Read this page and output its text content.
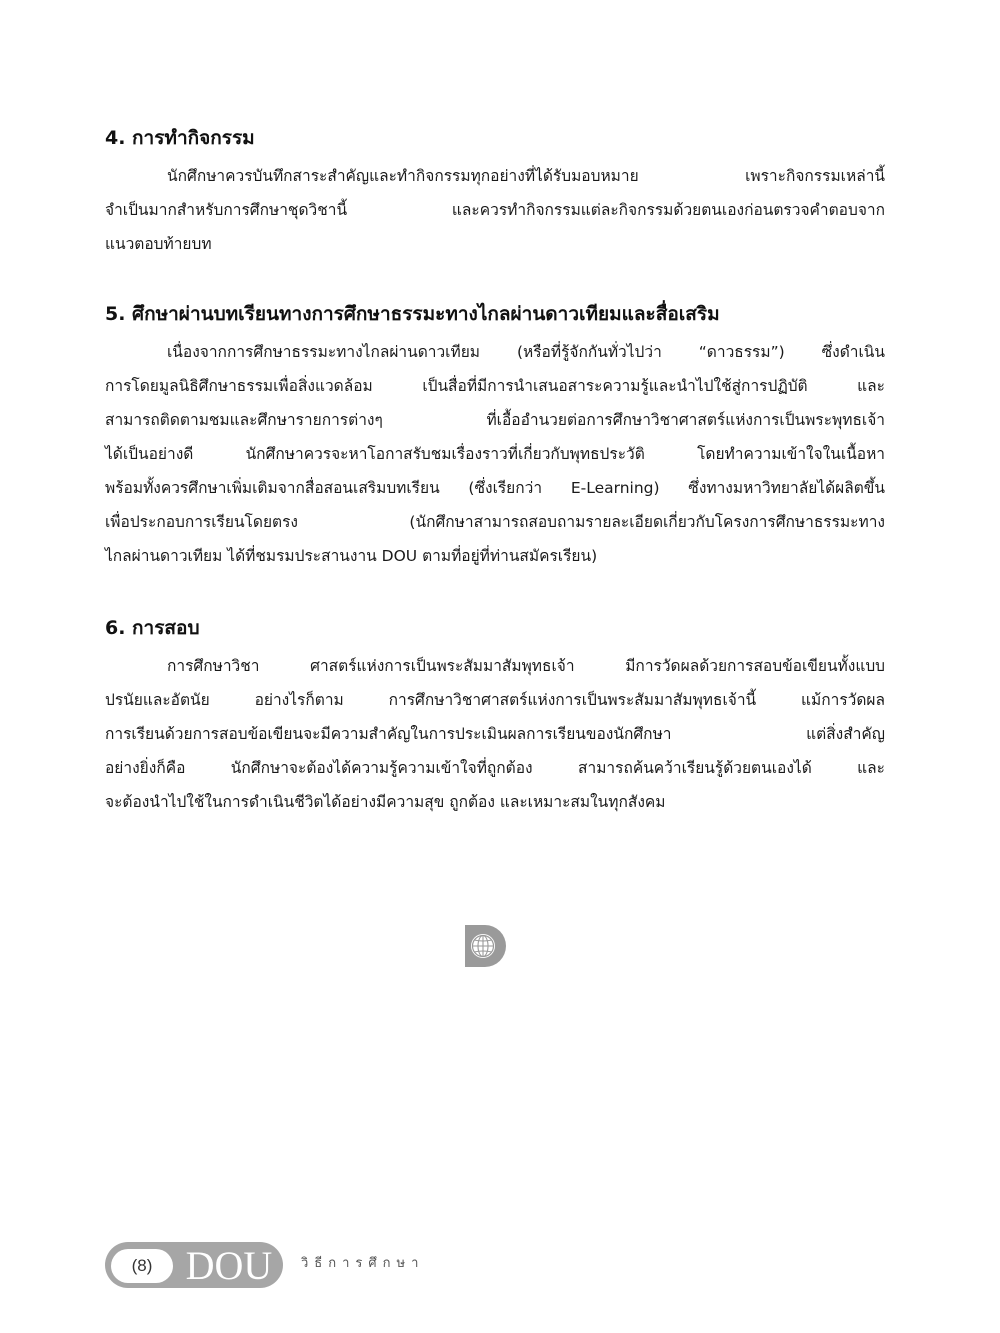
4. การทำกิจกรรม

นักศึกษาควรบันทึกสาระสำคัญและทำกิจกรรมทุกอย่างที่ได้รับมอบหมาย เพราะกิจกรรมเหล่านี้
จำเป็นมากสำหรับการศึกษาชุดวิชานี้ และควรทำกิจกรรมแต่ละกิจกรรมด้วยตนเองก่อนตรวจคำตอบจาก
แนวตอบท้ายบท

5. ศึกษาผ่านบทเรียนทางการศึกษาธรรมะทางไกลผ่านดาวเทียมและสื่อเสริม

เนื่องจากการศึกษาธรรมะทางไกลผ่านดาวเทียม (หรือที่รู้จักกันทั่วไปว่า “ดาวธรรม”) ซึ่งดำเนิน
การโดยมูลนิธิศึกษาธรรมเพื่อสิ่งแวดล้อม เป็นสื่อที่มีการนำเสนอสาระความรู้และนำไปใช้สู่การปฏิบัติ และ
สามารถติดตามชมและศึกษารายการต่างๆ ที่เอื้ออำนวยต่อการศึกษาวิชาศาสตร์แห่งการเป็นพระพุทธเจ้า
ได้เป็นอย่างดี นักศึกษาควรจะหาโอกาสรับชมเรื่องราวที่เกี่ยวกับพุทธประวัติ โดยทำความเข้าใจในเนื้อหา
พร้อมทั้งควรศึกษาเพิ่มเติมจากสื่อสอนเสริมบทเรียน (ซึ่งเรียกว่า E-Learning) ซึ่งทางมหาวิทยาลัยได้ผลิตขึ้น
เพื่อประกอบการเรียนโดยตรง (นักศึกษาสามารถสอบถามรายละเอียดเกี่ยวกับโครงการศึกษาธรรมะทาง
ไกลผ่านดาวเทียม ได้ที่ชมรมประสานงาน DOU ตามที่อยู่ที่ท่านสมัครเรียน)

6. การสอบ

การศึกษาวิชา ศาสตร์แห่งการเป็นพระสัมมาสัมพุทธเจ้า มีการวัดผลด้วยการสอบข้อเขียนทั้งแบบ
ปรนัยและอัตนัย อย่างไรก็ตาม การศึกษาวิชาศาสตร์แห่งการเป็นพระสัมมาสัมพุทธเจ้านี้ แม้การวัดผล
การเรียนด้วยการสอบข้อเขียนจะมีความสำคัญในการประเมินผลการเรียนของนักศึกษา แต่สิ่งสำคัญ
อย่างยิ่งก็คือ นักศึกษาจะต้องได้ความรู้ความเข้าใจที่ถูกต้อง สามารถค้นคว้าเรียนรู้ด้วยตนเองได้ และ
จะต้องนำไปใช้ในการดำเนินชีวิตได้อย่างมีความสุข ถูกต้อง และเหมาะสมในทุกสังคม

(8) DOU	วิธีการศึกษา
